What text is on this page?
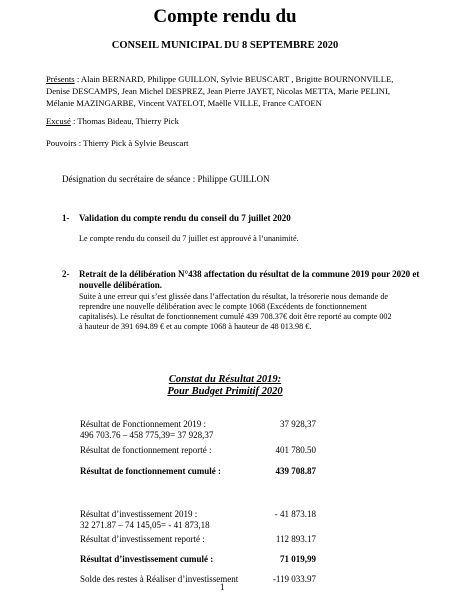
Compte rendu du
CONSEIL MUNICIPAL DU 8 SEPTEMBRE 2020
Présents : Alain BERNARD, Philippe GUILLON, Sylvie BEUSCART , Brigitte BOURNONVILLE,
Denise DESCAMPS, Jean Michel DESPREZ, Jean Pierre JAYET, Nicolas METTA, Marie PELINI,
Mélanie MAZINGARBE, Vincent VATELOT, Maëlle VILLE, France CATOEN
Excusé : Thomas Bideau, Thierry Pick
Pouvoirs : Thierry Pick à Sylvie Beuscart
Désignation du secrétaire de séance : Philippe GUILLON
1- Validation du compte rendu du conseil du 7 juillet 2020
Le compte rendu du conseil du 7 juillet est approuvé à l’unanimité.
2- Retrait de la délibération N°438 affectation du résultat de la commune 2019 pour 2020 et
nouvelle délibération.
Suite à une erreur qui s’est glissée dans l’affectation du résultat, la trésorerie nous demande de
reprendre une nouvelle délibération avec le compte 1068 (Excédents de fonctionnement
capitalisés). Le résultat de fonctionnement cumulé 439 708.37€ doit être reporté au compte 002
à hauteur de 391 694.89 € et au compte 1068 à hauteur de 48 013.98 €.
Constat du Résultat 2019:
Pour Budget Primitif 2020
Résultat de Fonctionnement 2019 :	37 928,37
496 703.76 – 458 775,39= 37 928,37
Résultat de fonctionnement reporté :	401 780.50
Résultat de fonctionnement cumulé :	439 708.87
Résultat d’investissement 2019 :	- 41 873.18
32 271.87 – 74 145,05= - 41 873,18
Résultat d’investissement reporté :	112 893.17
Résultat d’investissement cumulé :	71 019,99
Solde des restes à Réaliser d’investissement	-119 033.97
1
